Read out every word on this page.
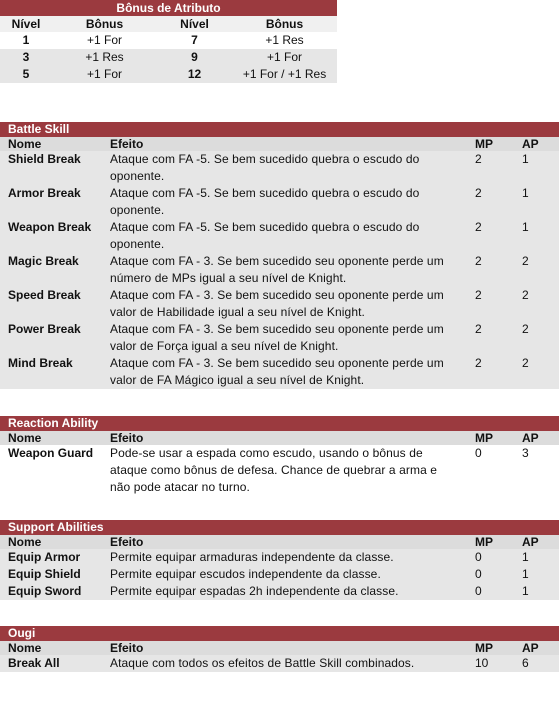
Bônus de Atributo			
Nível	Bônus	Nível	Bônus
1	+1 For	7	+1 Res
3	+1 Res	9	+1 For
5	+1 For	12	+1 For / +1 Res
Battle Skill			
Nome	Efeito	MP	AP
Shield Break	Ataque com FA -5. Se bem sucedido quebra o escudo do
oponente.	2	1
Armor Break	Ataque com FA -5. Se bem sucedido quebra o escudo do
oponente.	2	1
Weapon Break	Ataque com FA -5. Se bem sucedido quebra o escudo do
oponente.	2	1
Magic Break	Ataque com FA - 3. Se bem sucedido seu oponente perde um
número de MPs igual a seu nível de Knight.	2	2
Speed Break	Ataque com FA - 3. Se bem sucedido seu oponente perde um
valor de Habilidade igual a seu nível de Knight.	2	2
Power Break	Ataque com FA - 3. Se bem sucedido seu oponente perde um
valor de Força igual a seu nível de Knight.	2	2
Mind Break	Ataque com FA - 3. Se bem sucedido seu oponente perde um
valor de FA Mágico igual a seu nível de Knight.	2	2
Reaction Ability			
Nome	Efeito	MP	AP
Weapon Guard	Pode-se usar a espada como escudo, usando o bônus de
ataque como bônus de defesa. Chance de quebrar a arma e
não pode atacar no turno.	0	3
Support Abilities			
Nome	Efeito	MP	AP
Equip Armor	Permite equipar armaduras independente da classe.	0	1
Equip Shield	Permite equipar escudos independente da classe.	0	1
Equip Sword	Permite equipar espadas 2h independente da classe.	0	1
Ougi			
Nome	Efeito	MP	AP
Break All	Ataque com todos os efeitos de Battle Skill combinados.	10	6
